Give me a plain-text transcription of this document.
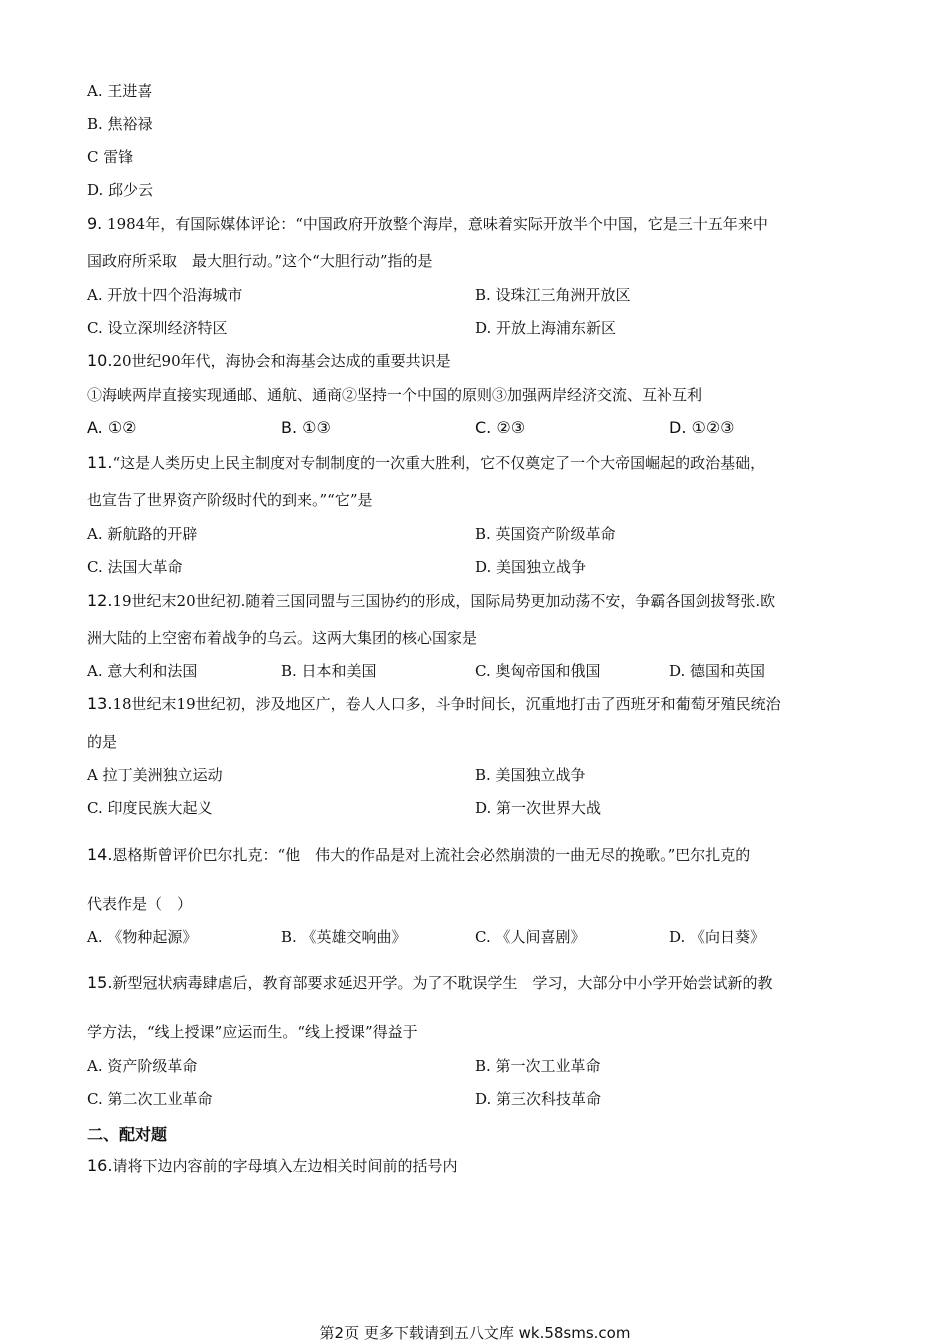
A. 王进喜
B. 焦裕禄
C 雷锋
D. 邱少云
9. 1984年，有国际媒体评论：“中国政府开放整个海岸，意味着实际开放半个中国，它是三十五年来中
国政府所采取　最大胆行动。”这个“大胆行动”指的是
A. 开放十四个沿海城市	B. 设珠江三角洲开放区
C. 设立深圳经济特区	D. 开放上海浦东新区
10.20世纪90年代，海协会和海基会达成的重要共识是
①海峡两岸直接实现通邮、通航、通商②坚持一个中国的原则③加强两岸经济交流、互补互利
A. ①②	B. ①③	C. ②③	D. ①②③
11.“这是人类历史上民主制度对专制制度的一次重大胜利，它不仅奠定了一个大帝国崛起的政治基础，
也宣告了世界资产阶级时代的到来。”“它”是
A. 新航路的开辟	B. 英国资产阶级革命
C. 法国大革命	D. 美国独立战争
12.19世纪末20世纪初.随着三国同盟与三国协约的形成，国际局势更加动荡不安，争霸各国剑拔弩张.欧
洲大陆的上空密布着战争的乌云。这两大集团的核心国家是
A. 意大利和法国	B. 日本和美国	C. 奥匈帝国和俄国	D. 德国和英国
13.18世纪末19世纪初，涉及地区广，卷人人口多，斗争时间长，沉重地打击了西班牙和葡萄牙殖民统治
的是
A 拉丁美洲独立运动	B. 美国独立战争
C. 印度民族大起义	D. 第一次世界大战
14.恩格斯曾评价巴尔扎克：“他　伟大的作品是对上流社会必然崩溃的一曲无尽的挽歌。”巴尔扎克的
代表作是（　）
A. 《物种起源》	B. 《英雄交响曲》	C. 《人间喜剧》	D. 《向日葵》
15.新型冠状病毒肆虐后，教育部要求延迟开学。为了不耽误学生　学习，大部分中小学开始尝试新的教
学方法，“线上授课”应运而生。“线上授课”得益于
A. 资产阶级革命	B. 第一次工业革命
C. 第二次工业革命	D. 第三次科技革命
二、配对题
16.请将下边内容前的字母填入左边相关时间前的括号内
第2页 更多下载请到五八文库 wk.58sms.com
